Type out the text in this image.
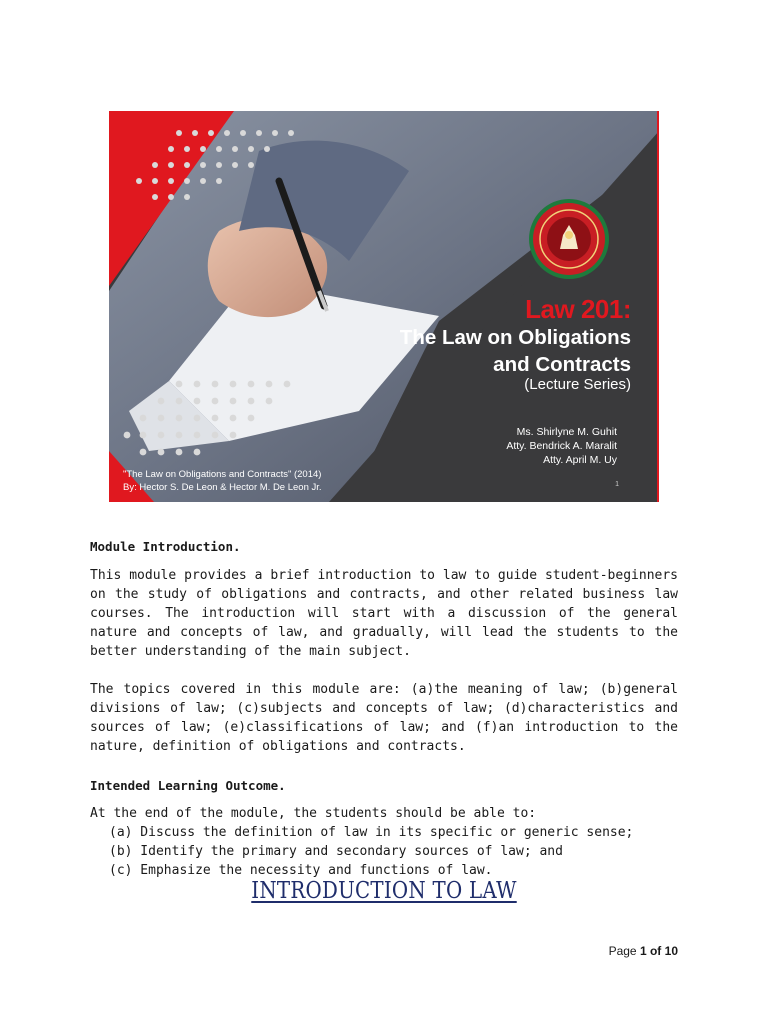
Law 201:
The Law on Obligations
and Contracts
(Lecture Series)
Ms. Shirlyne M. Guhit
Atty. Bendrick A. Maralit
Atty. April M. Uy
"The Law on Obligations and Contracts" (2014)
By: Hector S. De Leon & Hector M. De Leon Jr.	1
Module Introduction.
This module provides a brief introduction to law to guide student-beginners on the study of obligations and contracts, and other related business law courses. The introduction will start with a discussion of the general nature and concepts of law, and gradually, will lead the students to the better understanding of the main subject.
The topics covered in this module are: (a)the meaning of law; (b)general divisions of law; (c)subjects and concepts of law; (d)characteristics and sources of law; (e)classifications of law; and (f)an introduction to the nature, definition of obligations and contracts.
Intended Learning Outcome.
At the end of the module, the students should be able to:
(a) Discuss the definition of law in its specific or generic sense;
(b) Identify the primary and secondary sources of law; and
(c) Emphasize the necessity and functions of law.
INTRODUCTION TO LAW
Page 1 of 10
